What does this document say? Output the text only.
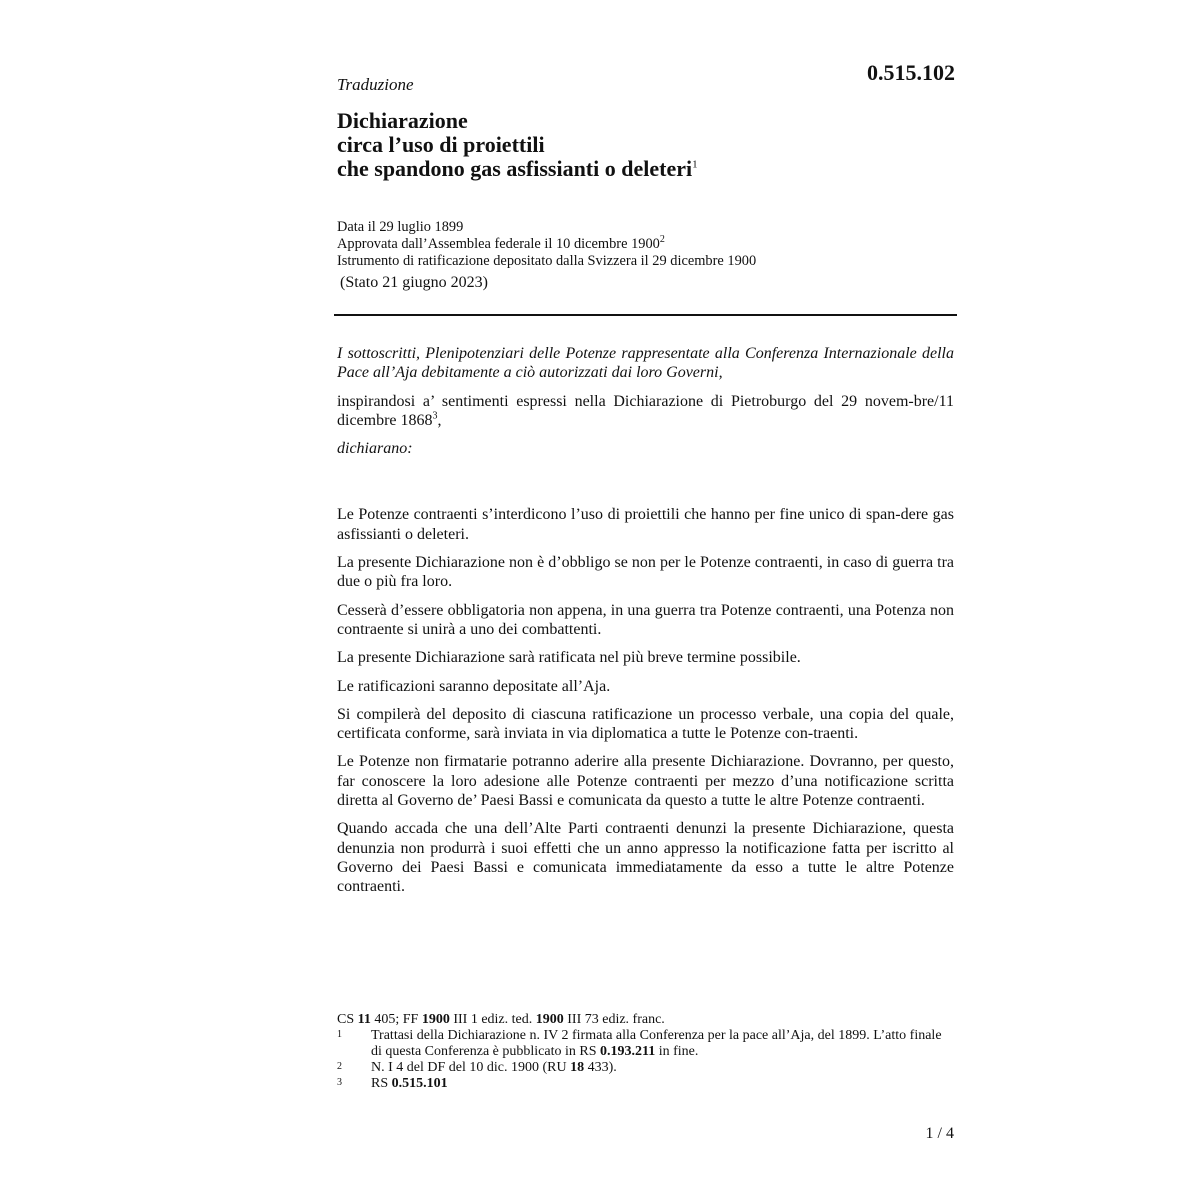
Traduzione	0.515.102
Dichiarazione
circa l’uso di proiettili
che spandono gas asfissianti o deleteri$^1$
Data il 29 luglio 1899
Approvata dall’Assemblea federale il 10 dicembre 1900$^2$
Istrumento di ratificazione depositato dalla Svizzera il 29 dicembre 1900
(Stato 21 giugno 2023)

I sottoscritti, Plenipotenziari delle Potenze rappresentate alla Conferenza Internazionale della Pace all’Aja debitamente a ciò autorizzati dai loro Governi,

inspirandosi a’ sentimenti espressi nella Dichiarazione di Pietroburgo del 29 novem-bre/11 dicembre 1868$^3$,

dichiarano:

Le Potenze contraenti s’interdicono l’uso di proiettili che hanno per fine unico di span-dere gas asfissianti o deleteri.

La presente Dichiarazione non è d’obbligo se non per le Potenze contraenti, in caso di guerra tra due o più fra loro.

Cesserà d’essere obbligatoria non appena, in una guerra tra Potenze contraenti, una Potenza non contraente si unirà a uno dei combattenti.

La presente Dichiarazione sarà ratificata nel più breve termine possibile.

Le ratificazioni saranno depositate all’Aja.

Si compilerà del deposito di ciascuna ratificazione un processo verbale, una copia del quale, certificata conforme, sarà inviata in via diplomatica a tutte le Potenze con-traenti.

Le Potenze non firmatarie potranno aderire alla presente Dichiarazione. Dovranno, per questo, far conoscere la loro adesione alle Potenze contraenti per mezzo d’una notificazione scritta diretta al Governo de’ Paesi Bassi e comunicata da questo a tutte le altre Potenze contraenti.

Quando accada che una dell’Alte Parti contraenti denunzi la presente Dichiarazione, questa denunzia non produrrà i suoi effetti che un anno appresso la notificazione fatta per iscritto al Governo dei Paesi Bassi e comunicata immediatamente da esso a tutte le altre Potenze contraenti.

CS 11 405; FF 1900 III 1 ediz. ted. 1900 III 73 ediz. franc.
1	Trattasi della Dichiarazione n. IV 2 firmata alla Conferenza per la pace all’Aja, del 1899. L’atto finale di questa Conferenza è pubblicato in RS 0.193.211 in fine.
2	N. I 4 del DF del 10 dic. 1900 (RU 18 433).
3	RS 0.515.101
1 / 4
